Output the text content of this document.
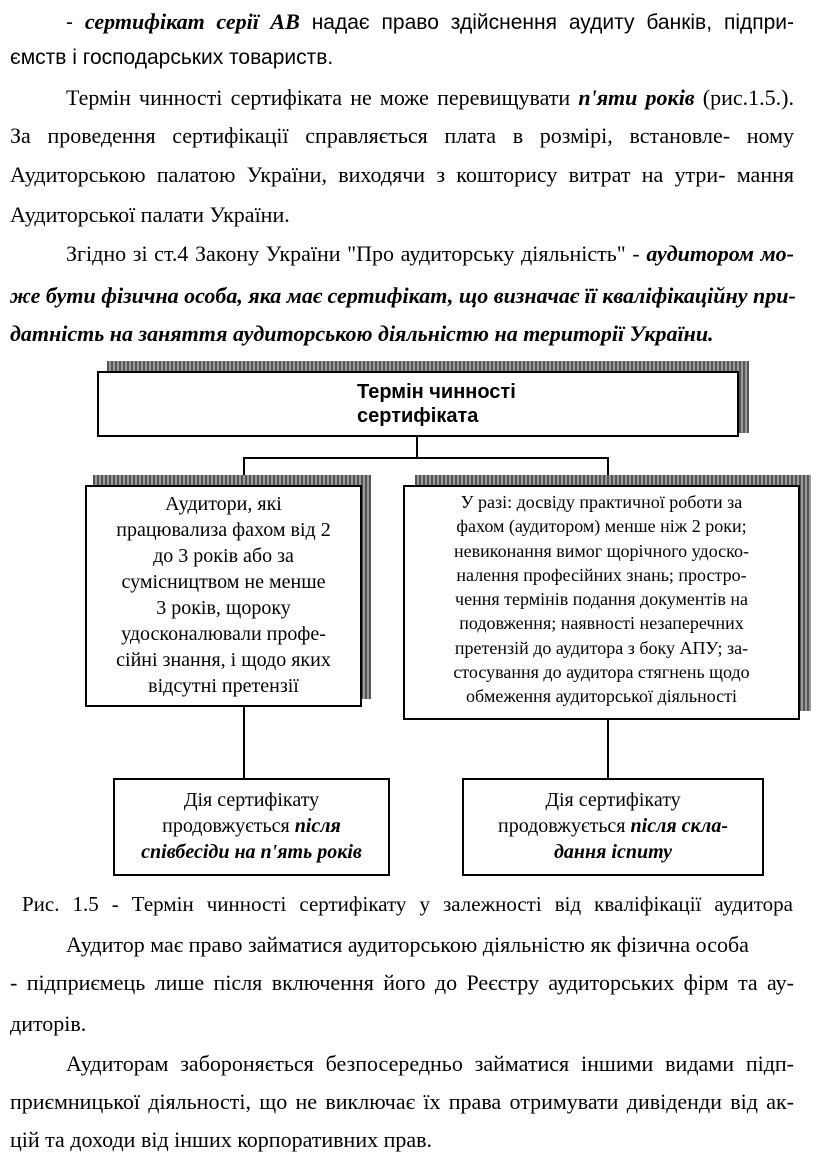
- сертифікат серії АВ надає право здійснення аудиту банків, підпри-
ємств і господарських товариств.
Термін чинності сертифіката не може перевищувати п'яти років (рис.1.5.).
За проведення сертифікації справляється плата в розмірі, встановле- ному
Аудиторською палатою України, виходячи з кошторису витрат на утри- мання
Аудиторської палати України.
Згідно зі ст.4 Закону України "Про аудиторську діяльність" - аудитором мо-
же бути фізична особа, яка має сертифікат, що визначає її кваліфікаційну при-
датність на заняття аудиторською діяльністю на території України.
Термін чинності
сертифіката
Аудитори, які
працювализа фахом від 2
до 3 років або за
сумісництвом не менше
3 років, щороку
удосконалювали профе-
сійні знання, і щодо яких
відсутні претензії
У разі: досвіду практичної роботи за
фахом (аудитором) менше ніж 2 роки;
невиконання вимог щорічного удоско-
налення професійних знань; простро-
чення термінів подання документів на
подовження; наявності незаперечних
претензій до аудитора з боку АПУ; за-
стосування до аудитора стягнень щодо
обмеження аудиторської діяльності
Дія сертифікату
продовжується після
співбесіди на п'ять років
Дія сертифікату
продовжується після скла-
дання іспиту
Рис. 1.5 - Термін чинності сертифікату у залежності від кваліфікації аудитора
Аудитор має право займатися аудиторською діяльністю як фізична особа
- підприємець лише після включення його до Реєстру аудиторських фірм та ау-
диторів.
Аудиторам забороняється безпосередньо займатися іншими видами підп-
приємницької діяльності, що не виключає їх права отримувати дивіденди від ак-
цій та доходи від інших корпоративних прав.
